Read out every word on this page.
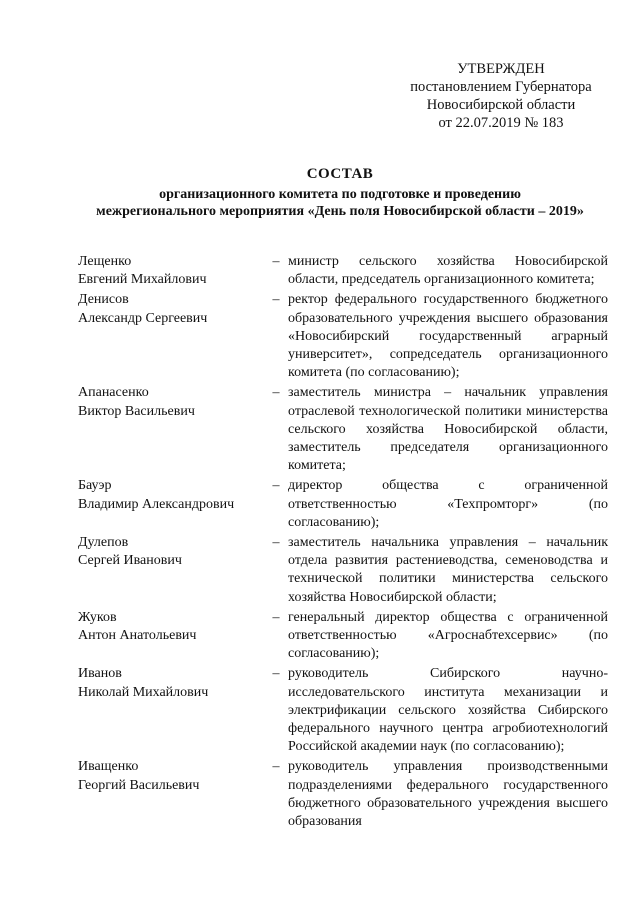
УТВЕРЖДЕН
постановлением Губернатора
Новосибирской области
от 22.07.2019 № 183
СОСТАВ
организационного комитета по подготовке и проведению
межрегионального мероприятия «День поля Новосибирской области – 2019»
Лещенко
Евгений Михайлович
– министр сельского хозяйства Новосибирской области, председатель организационного комитета;
Денисов
Александр Сергеевич
– ректор федерального государственного бюджетного образовательного учреждения высшего образования «Новосибирский государственный аграрный университет», сопредседатель организационного комитета (по согласованию);
Апанасенко
Виктор Васильевич
– заместитель министра – начальник управления отраслевой технологической политики министерства сельского хозяйства Новосибирской области, заместитель председателя организационного комитета;
Бауэр
Владимир Александрович
– директор общества с ограниченной ответственностью «Техпромторг» (по согласованию);
Дулепов
Сергей Иванович
– заместитель начальника управления – начальник отдела развития растениеводства, семеноводства и технической политики министерства сельского хозяйства Новосибирской области;
Жуков
Антон Анатольевич
– генеральный директор общества с ограниченной ответственностью «Агроснабтехсервис» (по согласованию);
Иванов
Николай Михайлович
– руководитель Сибирского научно-исследовательского института механизации и электрификации сельского хозяйства Сибирского федерального научного центра агробиотехнологий Российской академии наук (по согласованию);
Иващенко
Георгий Васильевич
– руководитель управления производственными подразделениями федерального государственного бюджетного образовательного учреждения высшего образования
